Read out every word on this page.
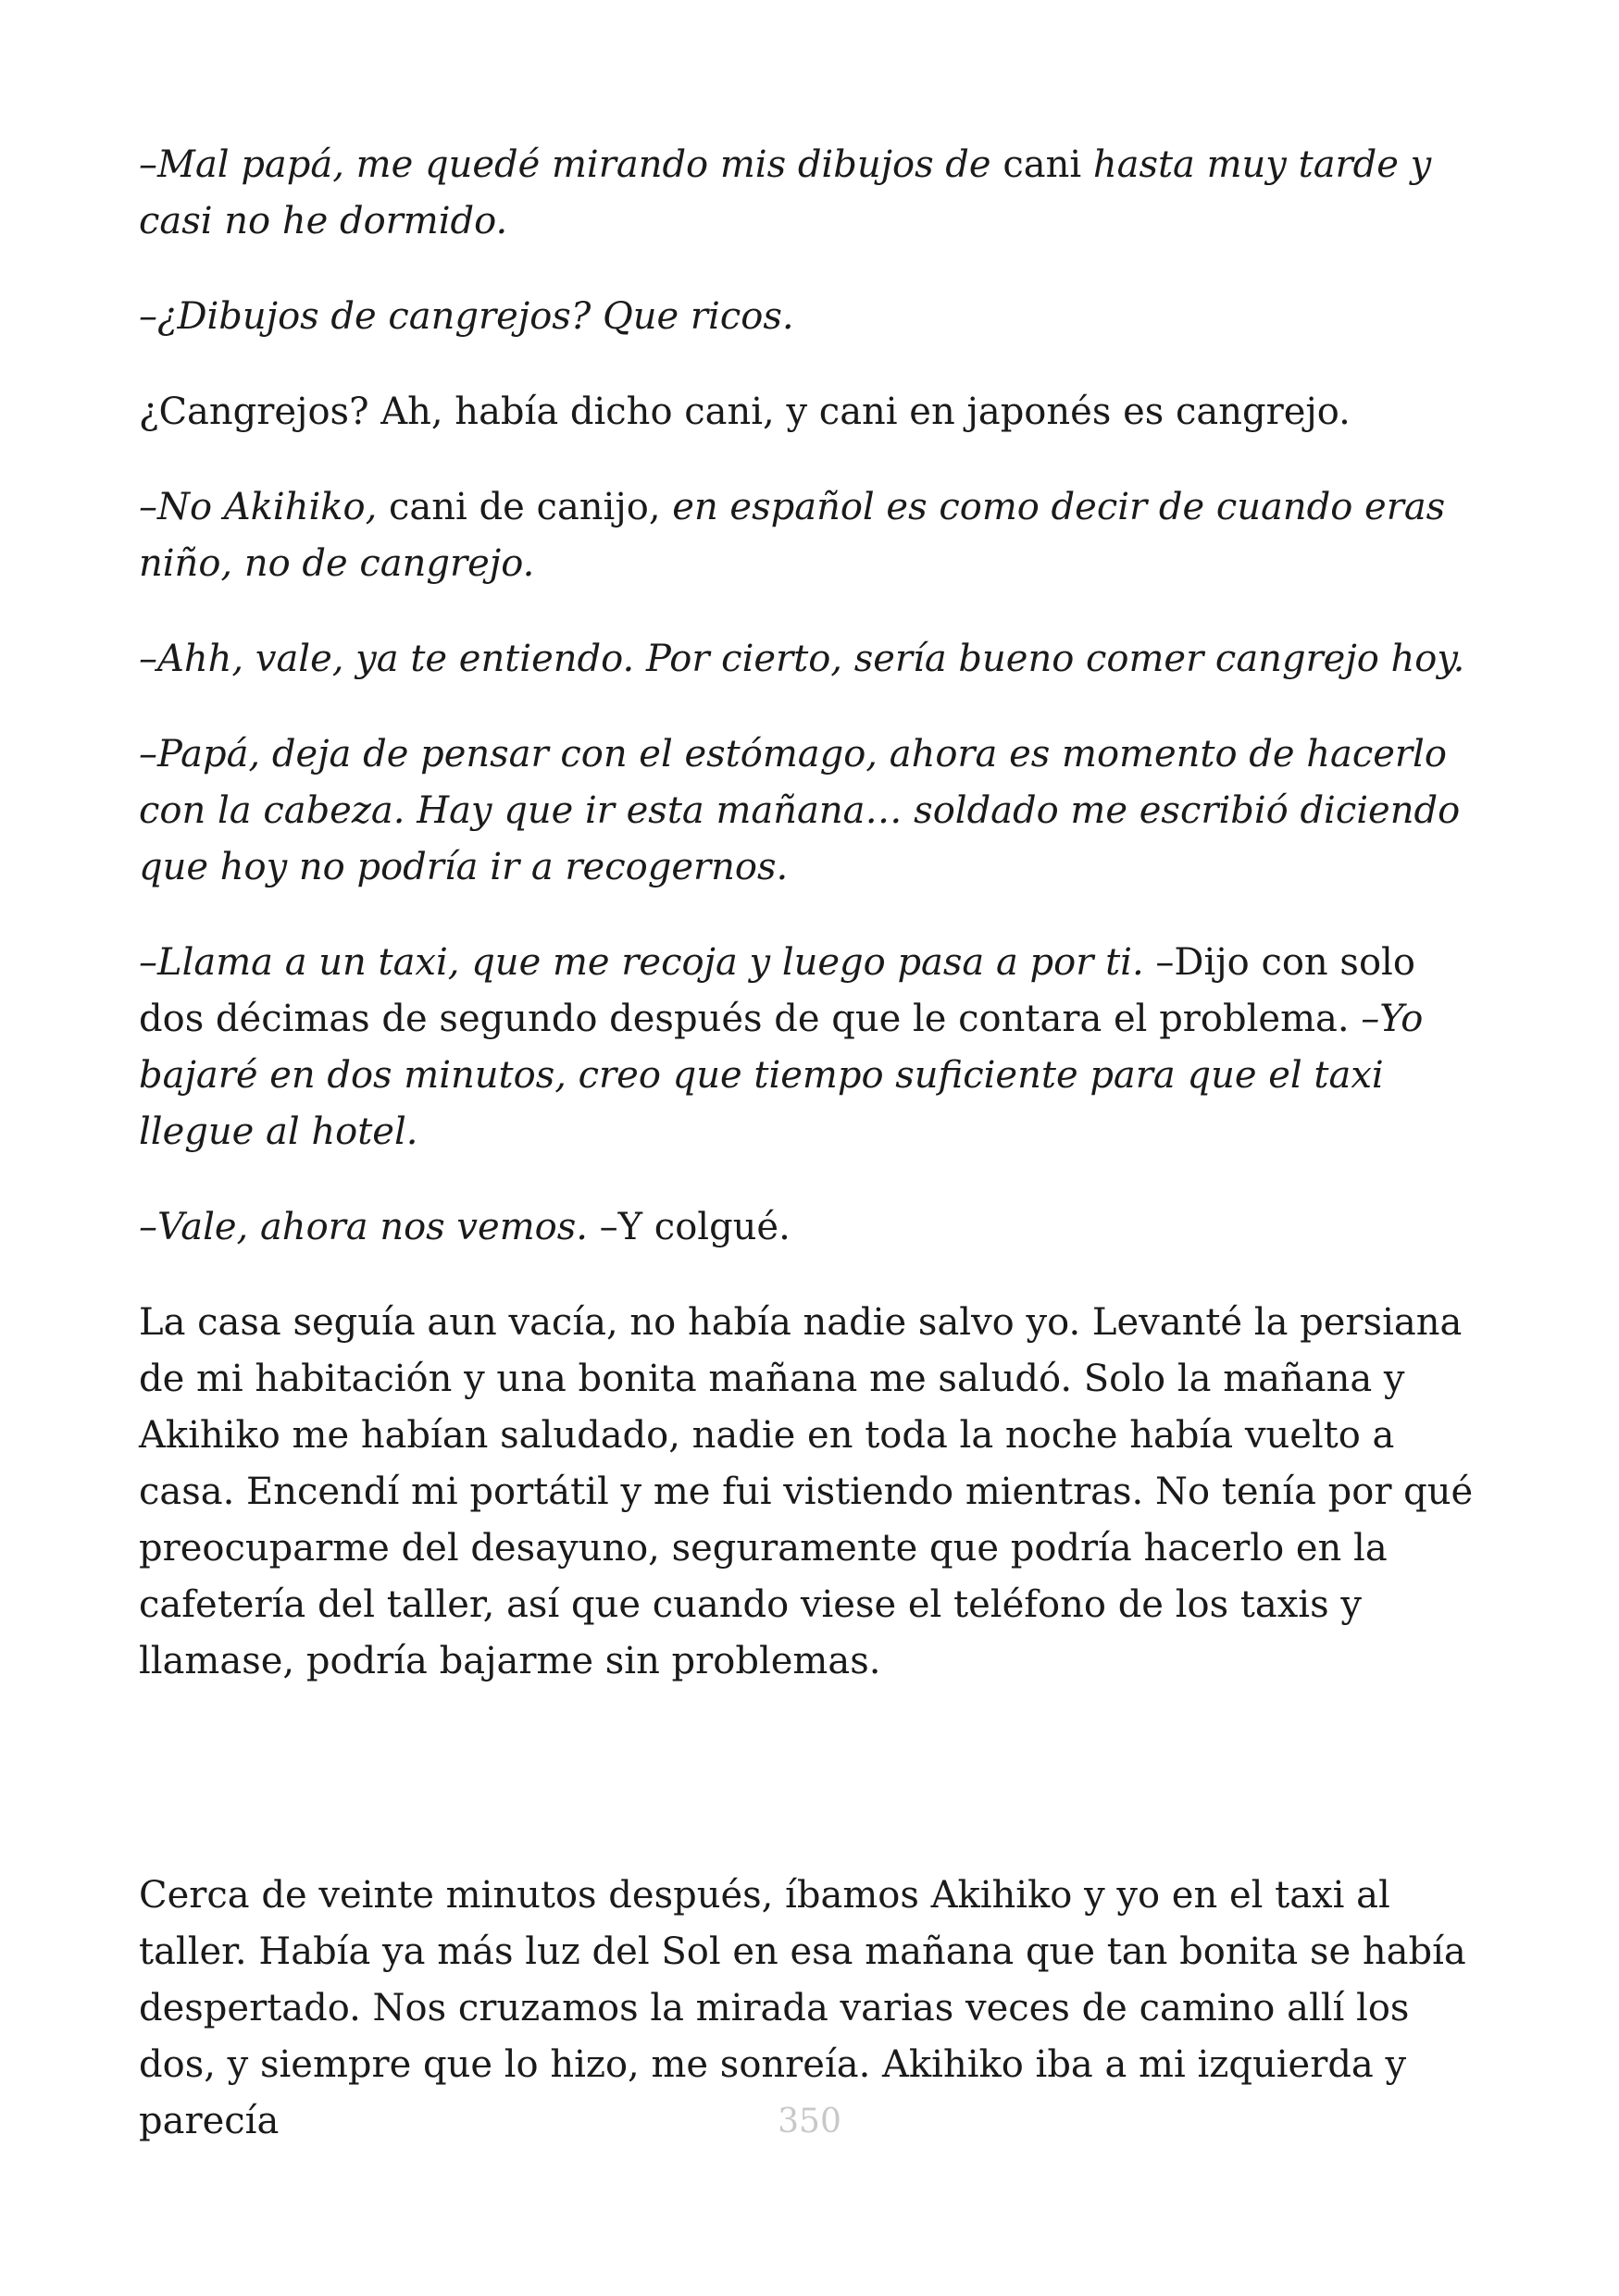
–Mal papá, me quedé mirando mis dibujos de cani hasta muy tarde y casi no he dormido.

–¿Dibujos de cangrejos? Que ricos.

¿Cangrejos? Ah, había dicho cani, y cani en japonés es cangrejo.

–No Akihiko, cani de canijo, en español es como decir de cuando eras niño, no de cangrejo.

–Ahh, vale, ya te entiendo. Por cierto, sería bueno comer cangrejo hoy.

–Papá, deja de pensar con el estómago, ahora es momento de hacerlo con la cabeza. Hay que ir esta mañana… soldado me escribió diciendo que hoy no podría ir a recogernos.

–Llama a un taxi, que me recoja y luego pasa a por ti. –Dijo con solo dos décimas de segundo después de que le contara el problema. –Yo bajaré en dos minutos, creo que tiempo suficiente para que el taxi llegue al hotel.

–Vale, ahora nos vemos. –Y colgué.

La casa seguía aun vacía, no había nadie salvo yo. Levanté la persiana de mi habitación y una bonita mañana me saludó. Solo la mañana y Akihiko me habían saludado, nadie en toda la noche había vuelto a casa. Encendí mi portátil y me fui vistiendo mientras. No tenía por qué preocuparme del desayuno, seguramente que podría hacerlo en la cafetería del taller, así que cuando viese el teléfono de los taxis y llamase, podría bajarme sin problemas.

Cerca de veinte minutos después, íbamos Akihiko y yo en el taxi al taller. Había ya más luz del Sol en esa mañana que tan bonita se había despertado. Nos cruzamos la mirada varias veces de camino allí los dos, y siempre que lo hizo, me sonreía. Akihiko iba a mi izquierda y parecía	350
